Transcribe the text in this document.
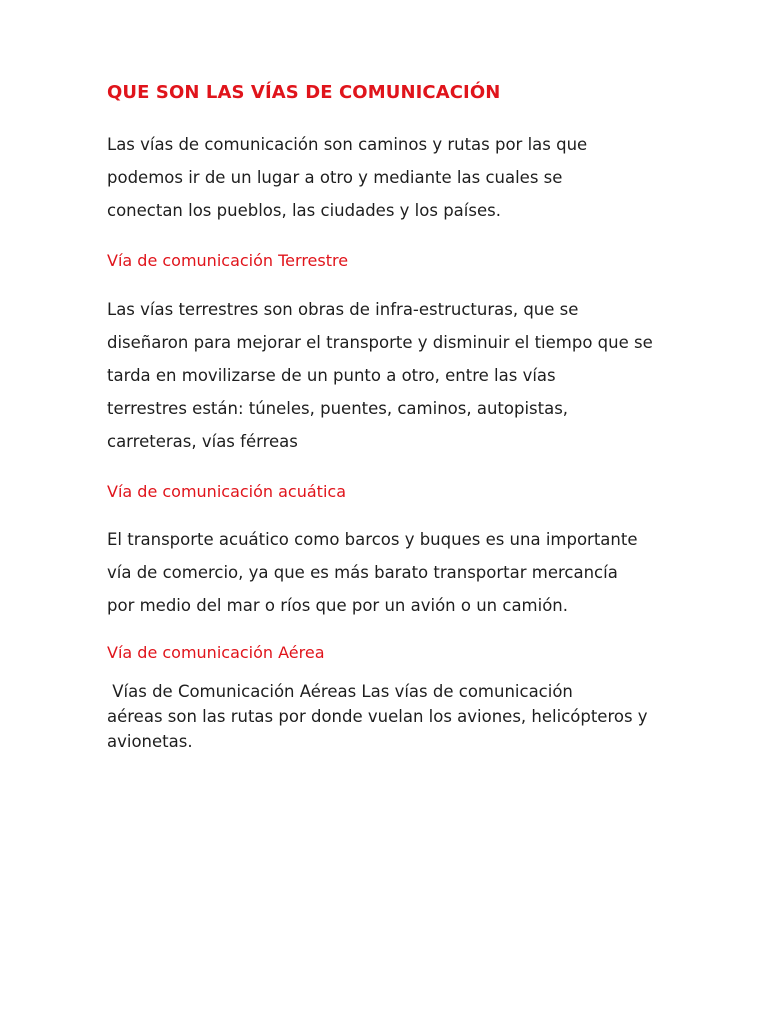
QUE SON LAS VÍAS DE COMUNICACIÓN
Las vías de comunicación son caminos y rutas por las que
podemos ir de un lugar a otro y mediante las cuales se
conectan los pueblos, las ciudades y los países.
Vía de comunicación Terrestre
Las vías terrestres son obras de infra-estructuras, que se
diseñaron para mejorar el transporte y disminuir el tiempo que se
tarda en movilizarse de un punto a otro, entre las vías
terrestres están: túneles, puentes, caminos, autopistas,
carreteras, vías férreas
Vía de comunicación acuática
El transporte acuático como barcos y buques es una importante
vía de comercio, ya que es más barato transportar mercancía
por medio del mar o ríos que por un avión o un camión.
Vía de comunicación Aérea
Vías de Comunicación Aéreas Las vías de comunicación
aéreas son las rutas por donde vuelan los aviones, helicópteros y
avionetas.
